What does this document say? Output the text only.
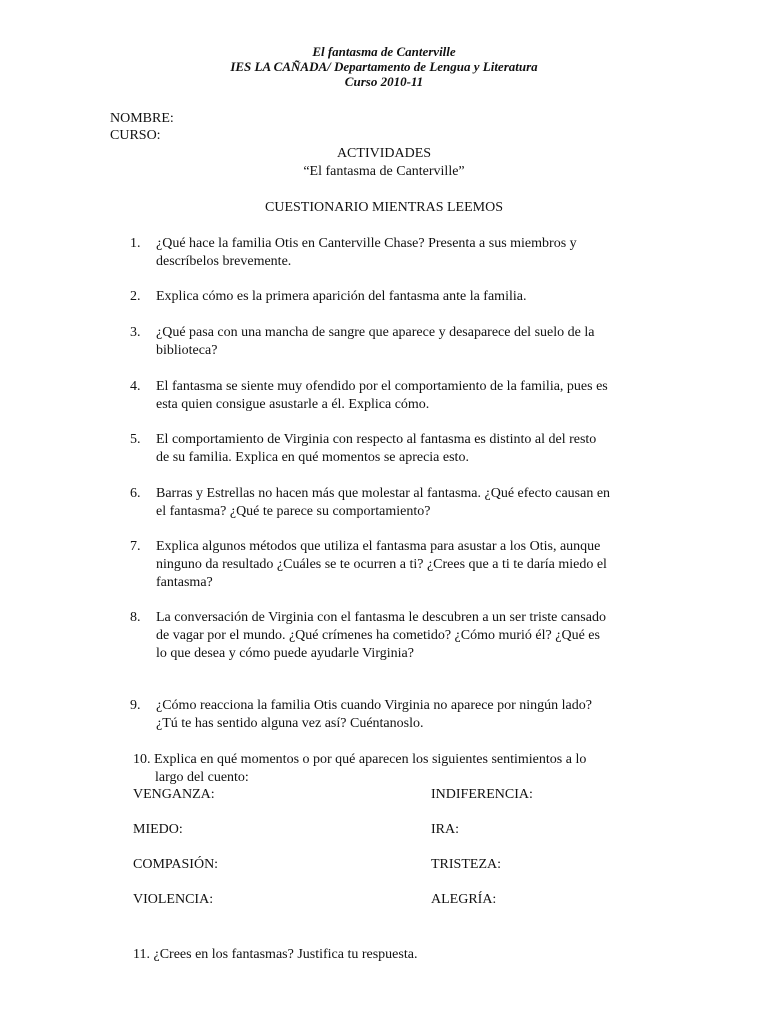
El fantasma de Canterville
IES LA CAÑADA/ Departamento de Lengua y Literatura
Curso 2010-11
NOMBRE:
CURSO:
ACTIVIDADES
“El fantasma de Canterville”
CUESTIONARIO MIENTRAS LEEMOS
1.	¿Qué hace la familia Otis en Canterville Chase? Presenta a sus miembros y
descríbelos brevemente.
2.	Explica cómo es la primera aparición del fantasma ante la familia.
3.	¿Qué pasa con una mancha de sangre que aparece y desaparece del suelo de la
biblioteca?
4.	El fantasma se siente muy ofendido por el comportamiento de la familia, pues es
esta quien consigue asustarle a él. Explica cómo.
5.	El comportamiento de Virginia con respecto al fantasma es distinto al del resto
de su familia. Explica en qué momentos se aprecia esto.
6.	Barras y Estrellas no hacen más que molestar al fantasma. ¿Qué efecto causan en
el fantasma? ¿Qué te parece su comportamiento?
7.	Explica algunos métodos que utiliza el fantasma para asustar a los Otis, aunque
ninguno da resultado ¿Cuáles se te ocurren a ti? ¿Crees que a ti te daría miedo el
fantasma?
8.	La conversación de Virginia con el fantasma le descubren a un ser triste cansado
de vagar por el mundo. ¿Qué crímenes ha cometido? ¿Cómo murió él? ¿Qué es
lo que desea y cómo puede ayudarle Virginia?
9.	¿Cómo reacciona la familia Otis cuando Virginia no aparece por ningún lado?
¿Tú te has sentido alguna vez así? Cuéntanoslo.
10. Explica en qué momentos o por qué aparecen los siguientes sentimientos a lo
largo del cuento:
VENGANZA:	INDIFERENCIA:
MIEDO:	IRA:
COMPASIÓN:	TRISTEZA:
VIOLENCIA:	ALEGRÍA:
11. ¿Crees en los fantasmas? Justifica tu respuesta.
